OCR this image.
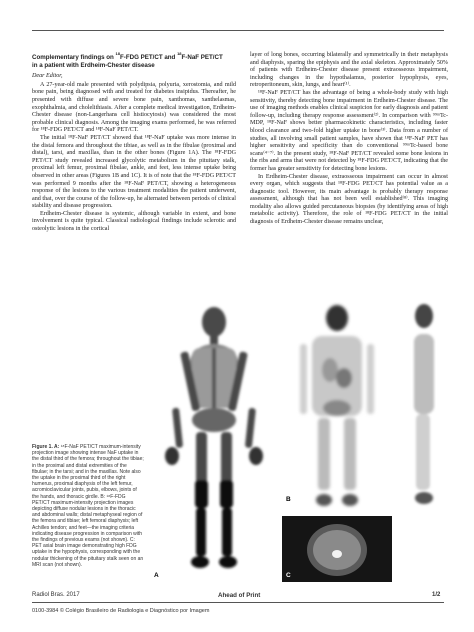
Complementary findings on $^{18}$F-FDG PET/CT and $^{18}$F-NaF PET/CT
in a patient with Erdheim-Chester disease

Dear Editor,

A 27-year-old male presented with polydipsia, polyuria, xerostomia, and mild bone pain, being diagnosed with and treated for diabetes insipidus. Thereafter, he presented with diffuse and severe bone pain, xanthomas, xanthelasmas, exophthalmia, and cholelithiasis. After a complete medical investigation, Erdheim-Chester disease (non-Langerhans cell histiocytosis) was considered the most probable clinical diagnosis. Among the imaging exams performed, he was referred for ¹⁸F-FDG PET/CT and ¹⁸F-NaF PET/CT.

The initial ¹⁸F-NaF PET/CT showed that ¹⁸F-NaF uptake was more intense in the distal femora and throughout the tibiae, as well as in the fibulae (proximal and distal), tarsi, and maxillas, than in the other bones (Figure 1A). The ¹⁸F-FDG PET/CT study revealed increased glycolytic metabolism in the pituitary stalk, proximal left femur, proximal fibulae, ankle, and feet, less intense uptake being observed in other areas (Figures 1B and 1C). It is of note that the ¹⁸F-FDG PET/CT was performed 9 months after the ¹⁸F-NaF PET/CT, showing a heterogeneous response of the lesions to the various treatment modalities the patient underwent, and that, over the course of the follow-up, he alternated between periods of clinical stability and disease progression.

Erdheim-Chester disease is systemic, although variable in extent, and bone involvement is quite typical. Classical radiological findings include sclerotic and osteolytic lesions in the cortical

layer of long bones, occurring bilaterally and symmetrically in their metaphysis and diaphysis, sparing the epiphysis and the axial skeleton. Approximately 50% of patients with Erdheim-Chester disease present extraosseous impairment, including changes in the hypothalamus, posterior hypophysis, eyes, retroperitoneum, skin, lungs, and heart⁽¹⁾.

¹⁸F-NaF PET/CT has the advantage of being a whole-body study with high sensitivity, thereby detecting bone impairment in Erdheim-Chester disease. The use of imaging methods enables clinical suspicion for early diagnosis and patient follow-up, including therapy response assessment⁽²⁾. In comparison with ⁹⁹ᵐTc-MDP, ¹⁸F-NaF shows better pharmacokinetic characteristics, including faster blood clearance and two-fold higher uptake in bone⁽³⁾. Data from a number of studies, all involving small patient samples, have shown that ¹⁸F-NaF PET has higher sensitivity and specificity than do conventional ⁹⁹ᵐTc-based bone scans⁽⁴⁻⁷⁾. In the present study, ¹⁸F-NaF PET/CT revealed some bone lesions in the ribs and arms that were not detected by ¹⁸F-FDG PET/CT, indicating that the former has greater sensitivity for detecting bone lesions.

In Erdheim-Chester disease, extraosseous impairment can occur in almost every organ, which suggests that ¹⁸F-FDG PET/CT has potential value as a diagnostic tool. However, its main advantage is probably therapy response assessment, although that has not been well established⁽⁸⁾. This imaging modality also allows guided percutaneous biopsies (by identifying areas of high metabolic activity). Therefore, the role of ¹⁸F-FDG PET/CT in the initial diagnosis of Erdheim-Chester disease remains unclear,

Figure 1. A: ¹⁸F-NaF PET/CT maximum-intensity projection image showing intense NaF uptake in the distal third of the femora; throughout the tibiae; in the proximal and distal extremities of the fibulae; in the tarsi; and in the maxillas. Note also the uptake in the proximal third of the right humerus, proximal diaphysis of the left femur, acromioclavicular joints, pubis, elbows, joints of the hands, and thoracic girdle. B: ¹⁸F-FDG PET/CT maximum-intensity projection images depicting diffuse nodular lesions in the thoracic and abdominal walls; distal metaphyseal region of the femora and tibiae; left femoral diaphysis; left Achilles tendon; and feet—the imaging criteria indicating disease progression in comparison with the findings of previous exams (not shown). C: PET axial brain image demonstrating high FDG uptake in the hypophysis, corresponding with the nodular thickening of the pituitary stalk seen on an MRI scan (not shown).
A
B
C
Radiol Bras. 2017	Ahead of Print	1/2
0100-3984 © Colégio Brasileiro de Radiologia e Diagnóstico por Imagem
